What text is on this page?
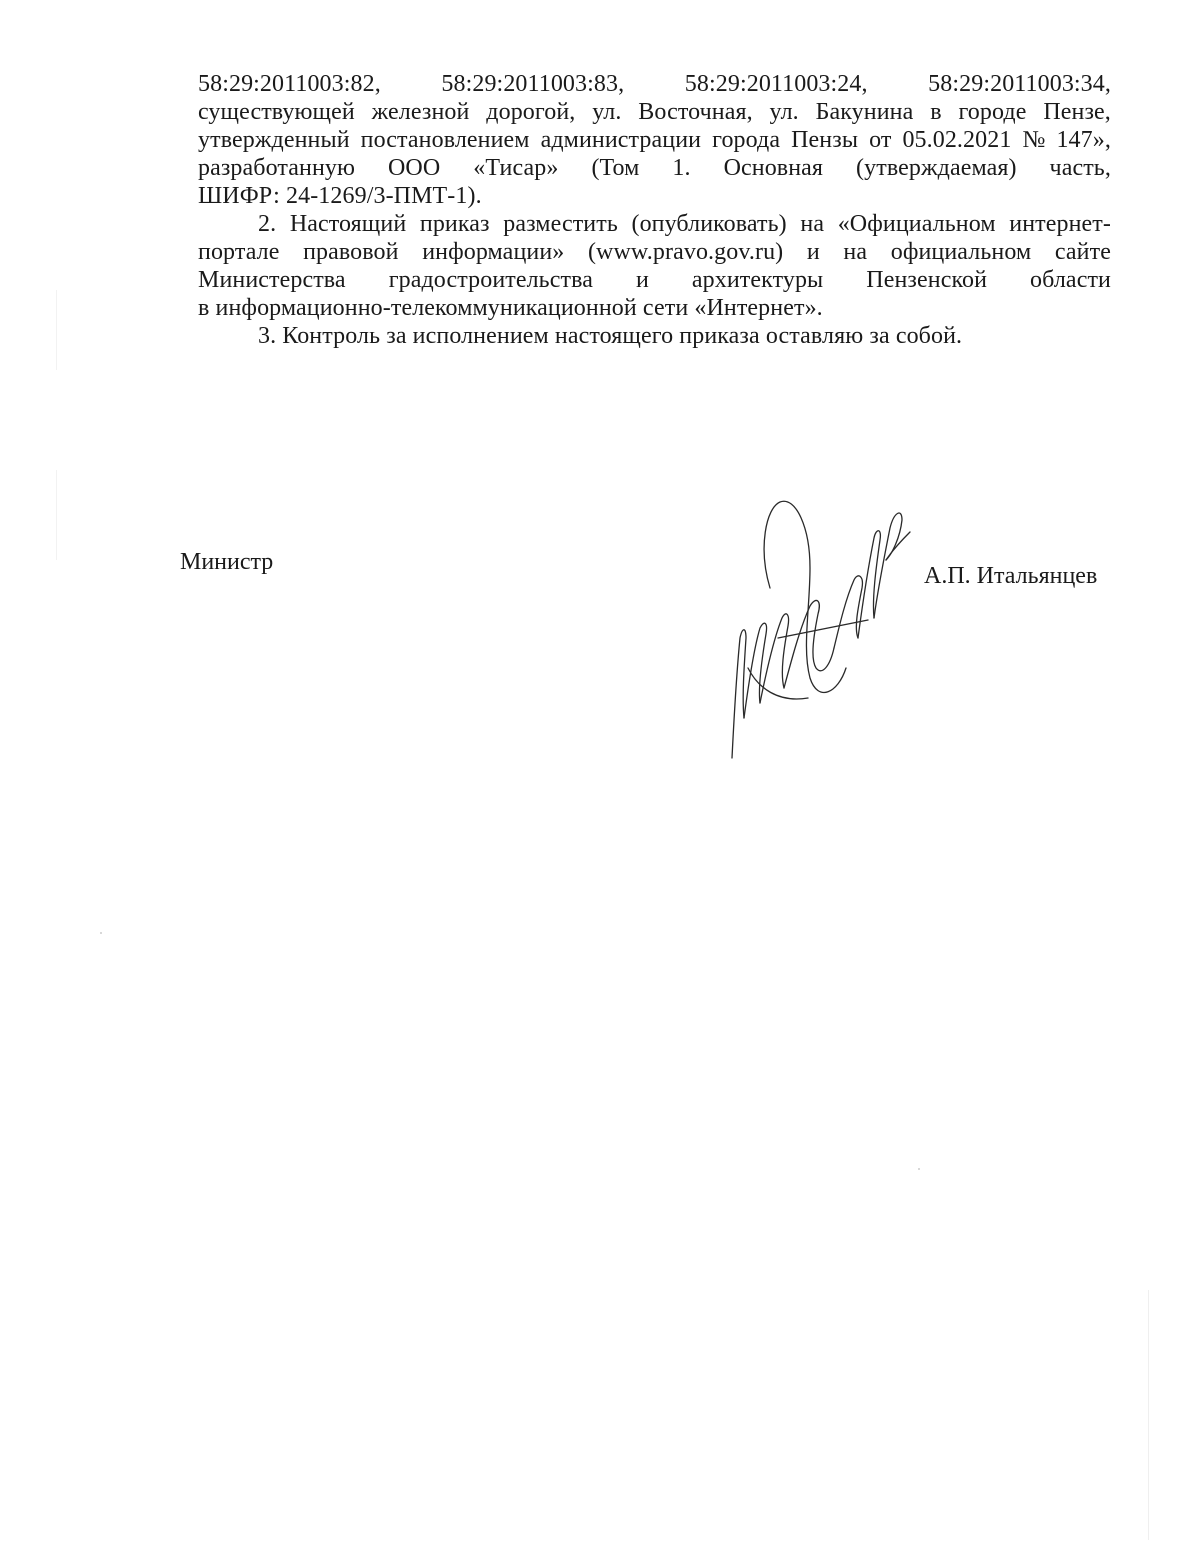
58:29:2011003:82,	58:29:2011003:83,	58:29:2011003:24,	58:29:2011003:34,
существующей железной дорогой, ул. Восточная, ул. Бакунина в городе Пензе,
утвержденный постановлением администрации города Пензы от 05.02.2021 № 147»,
разработанную ООО «Тисар» (Том 1. Основная (утверждаемая) часть,
ШИФР: 24-1269/3-ПМТ-1).
2. Настоящий приказ разместить (опубликовать) на «Официальном интернет-
портале правовой информации» (www.pravo.gov.ru) и на официальном сайте
Министерства градостроительства и архитектуры Пензенской области
в информационно-телекоммуникационной сети «Интернет».
3. Контроль за исполнением настоящего приказа оставляю за собой.
Министр
А.П. Итальянцев
